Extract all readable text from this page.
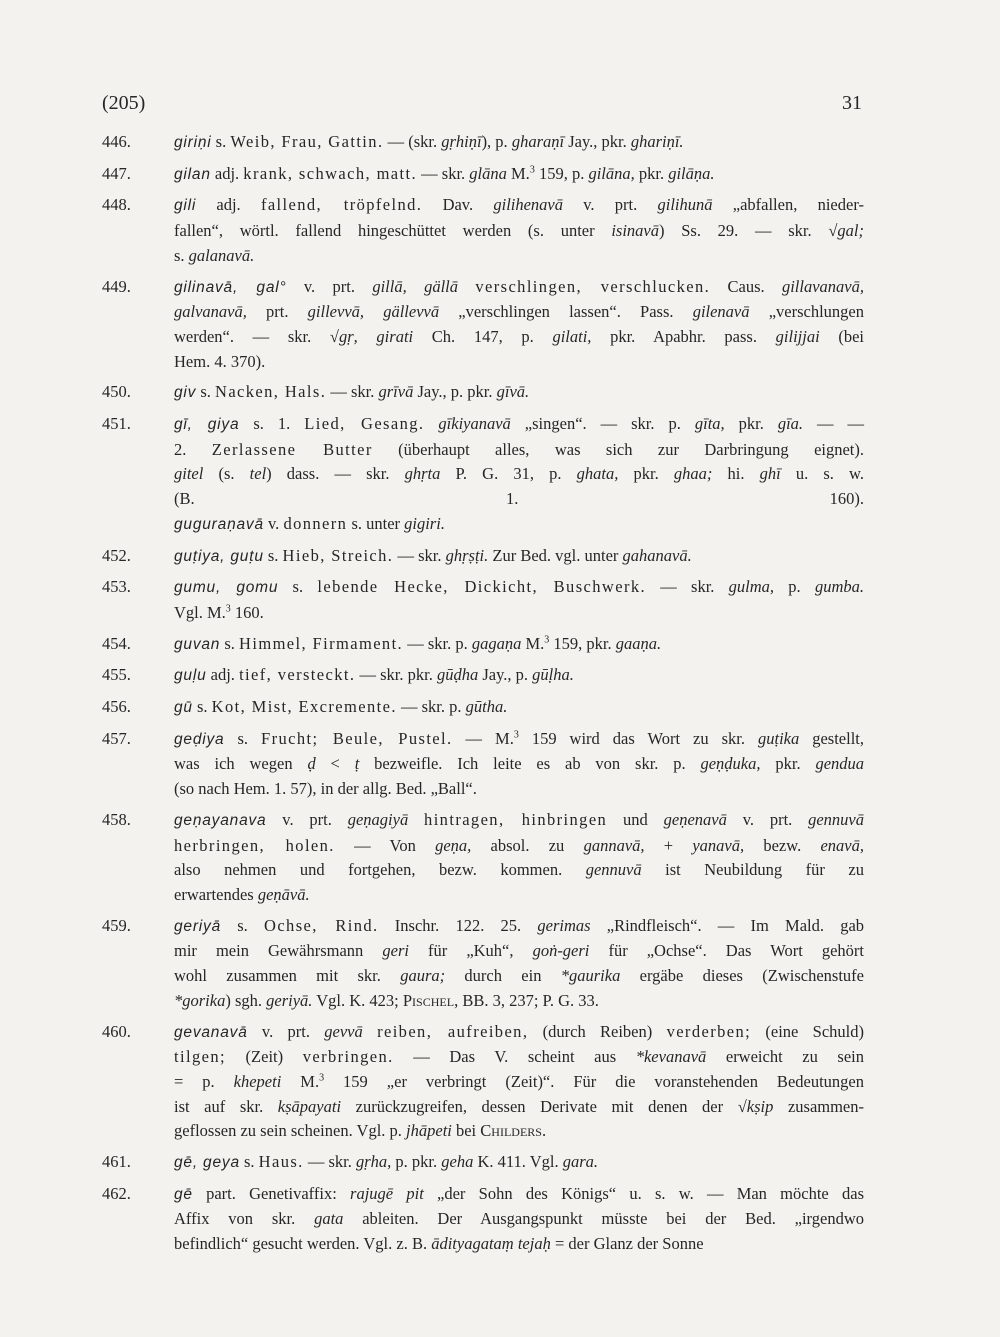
(205)	31
446.	giriṇi s. Weib, Frau, Gattin. — (skr. gṛhiṇī), p. gharaṇī Jay., pkr. ghariṇī.
447.	gilan adj. krank, schwach, matt. — skr. glāna M.$^3$ 159, p. gilāna, pkr. gilāṇa.
448.	gili adj. fallend, tröpfelnd. Dav. gilihenavā v. prt. gilihunā „abfallen, nieder-
fallen“, wörtl. fallend hingeschüttet werden (s. unter isinavā) Ss. 29. — skr. √gal;
s. galanavā.
449.	gilinavā, gal° v. prt. gillā, gällā verschlingen, verschlucken. Caus. gillavanavā,
galvanavā, prt. gillevvā, gällevvā „verschlingen lassen“. Pass. gilenavā „verschlungen
werden“. — skr. √gṛ, girati Ch. 147, p. gilati, pkr. Apabhr. pass. gilijjai (bei
Hem. 4. 370).
450.	giv s. Nacken, Hals. — skr. grīvā Jay., p. pkr. gīvā.
451.	gī, giya s. 1. Lied, Gesang. gīkiyanavā „singen“. — skr. p. gīta, pkr. gīa. — —
2. Zerlassene Butter (überhaupt alles, was sich zur Darbringung eignet).
gitel (s. tel) dass. — skr. ghṛta P. G. 31, p. ghata, pkr. ghaa; hi. ghī u. s. w.
(B. 1. 160).
guguraṇavā v. donnern s. unter gigiri.
452.	guṭiya, guṭu s. Hieb, Streich. — skr. ghṛṣṭi. Zur Bed. vgl. unter gahanavā.
453.	gumu, gomu s. lebende Hecke, Dickicht, Buschwerk. — skr. gulma, p. gumba.
Vgl. M.$^3$ 160.
454.	guvan s. Himmel, Firmament. — skr. p. gagaṇa M.$^3$ 159, pkr. gaaṇa.
455.	guḷu adj. tief, versteckt. — skr. pkr. gūḍha Jay., p. gūḷha.
456.	gū s. Kot, Mist, Excremente. — skr. p. gūtha.
457.	geḍiya s. Frucht; Beule, Pustel. — M.$^3$ 159 wird das Wort zu skr. guṭika gestellt,
was ich wegen ḍ < ṭ bezweifle. Ich leite es ab von skr. p. geṇḍuka, pkr. gendua
(so nach Hem. 1. 57), in der allg. Bed. „Ball“.
458.	geṇayanava v. prt. geṇagiyā hintragen, hinbringen und geṇenavā v. prt. gennuvā
herbringen, holen. — Von geṇa, absol. zu gannavā, + yanavā, bezw. enavā,
also nehmen und fortgehen, bezw. kommen. gennuvā ist Neubildung für zu
erwartendes geṇāvā.
459.	geriyā s. Ochse, Rind. Inschr. 122. 25. gerimas „Rindfleisch“. — Im Mald. gab
mir mein Gewährsmann geri für „Kuh“, goṅ-geri für „Ochse“. Das Wort gehört
wohl zusammen mit skr. gaura; durch ein *gaurika ergäbe dieses (Zwischenstufe
*gorika) sgh. geriyā. Vgl. K. 423; Pischel, BB. 3, 237; P. G. 33.
460.	gevanavā v. prt. gevvā reiben, aufreiben, (durch Reiben) verderben; (eine Schuld)
tilgen; (Zeit) verbringen. — Das V. scheint aus *kevanavā erweicht zu sein
= p. khepeti M.$^3$ 159 „er verbringt (Zeit)“. Für die voranstehenden Bedeutungen
ist auf skr. kṣāpayati zurückzugreifen, dessen Derivate mit denen der √kṣip zusammen-
geflossen zu sein scheinen. Vgl. p. jhāpeti bei Childers.
461.	gē, geya s. Haus. — skr. gṛha, p. pkr. geha K. 411. Vgl. gara.
462.	gē part. Genetivaffix: rajugē pit „der Sohn des Königs“ u. s. w. — Man möchte das
Affix von skr. gata ableiten. Der Ausgangspunkt müsste bei der Bed. „irgendwo
befindlich“ gesucht werden. Vgl. z. B. ādityagataṃ tejaḥ = der Glanz der Sonne
